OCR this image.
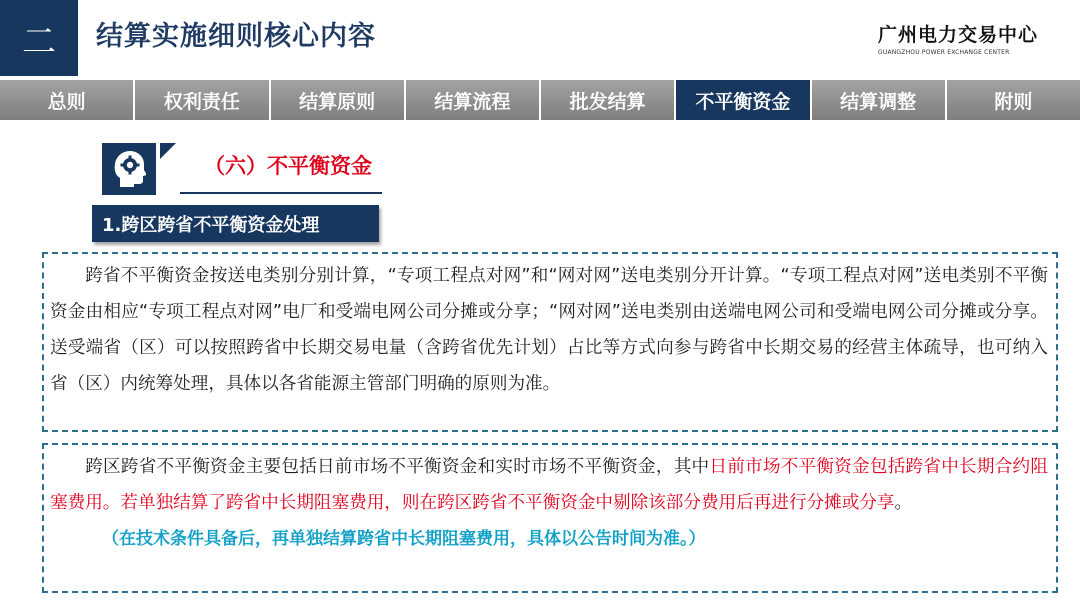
二	结算实施细则核心内容	广州电力交易中心
GUANGZHOU POWER EXCHANGE CENTER
总则	权利责任	结算原则	结算流程	批发结算	不平衡资金	结算调整	附则
（六）不平衡资金
1.跨区跨省不平衡资金处理

跨省不平衡资金按送电类别分别计算，“专项工程点对网”和“网对网”送电类别分开计算。“专项工程点对网”送电类别不平衡资金由相应“专项工程点对网”电厂和受端电网公司分摊或分享；“网对网”送电类别由送端电网公司和受端电网公司分摊或分享。送受端省（区）可以按照跨省中长期交易电量（含跨省优先计划）占比等方式向参与跨省中长期交易的经营主体疏导，也可纳入省（区）内统筹处理，具体以各省能源主管部门明确的原则为准。

跨区跨省不平衡资金主要包括日前市场不平衡资金和实时市场不平衡资金，其中日前市场不平衡资金包括跨省中长期合约阻塞费用。若单独结算了跨省中长期阻塞费用，则在跨区跨省不平衡资金中剔除该部分费用后再进行分摊或分享。

（在技术条件具备后，再单独结算跨省中长期阻塞费用，具体以公告时间为准。）
